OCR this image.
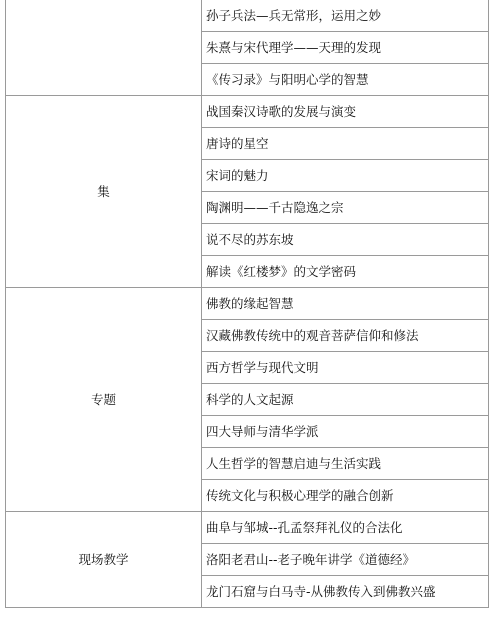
	孙子兵法—兵无常形，运用之妙
	朱熹与宋代理学——天理的发现
	《传习录》与阳明心学的智慧
集	战国秦汉诗歌的发展与演变
	唐诗的星空
	宋词的魅力
	陶渊明——千古隐逸之宗
	说不尽的苏东坡
	解读《红楼梦》的文学密码
专题	佛教的缘起智慧
	汉藏佛教传统中的观音菩萨信仰和修法
	西方哲学与现代文明
	科学的人文起源
	四大导师与清华学派
	人生哲学的智慧启迪与生活实践
	传统文化与积极心理学的融合创新
现场教学	曲阜与邹城--孔孟祭拜礼仪的合法化
	洛阳老君山--老子晚年讲学《道德经》
	龙门石窟与白马寺-从佛教传入到佛教兴盛
